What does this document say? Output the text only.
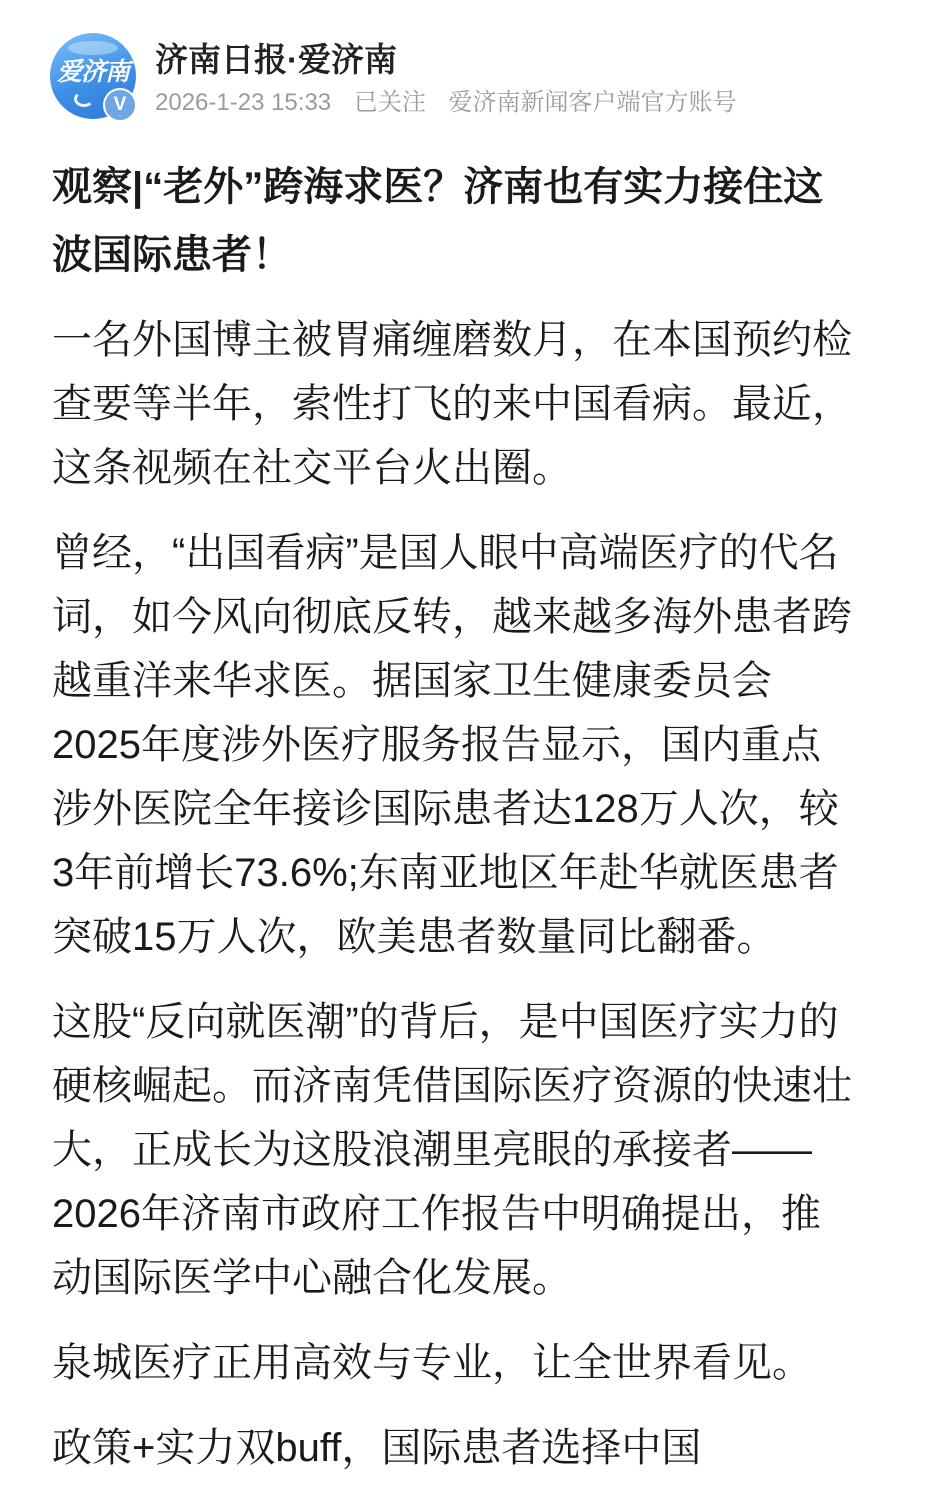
爱济南
V
济南日报·爱济南
2026-1-23 15:33 已关注 爱济南新闻客户端官方账号
观察|“老外”跨海求医？济南也有实力接住这
波国际患者！
一名外国博主被胃痛缠磨数月，在本国预约检
查要等半年，索性打飞的来中国看病。最近，
这条视频在社交平台火出圈。
曾经，“出国看病”是国人眼中高端医疗的代名
词，如今风向彻底反转，越来越多海外患者跨
越重洋来华求医。据国家卫生健康委员会
2025年度涉外医疗服务报告显示，国内重点
涉外医院全年接诊国际患者达128万人次，较
3年前增长73.6%;东南亚地区年赴华就医患者
突破15万人次，欧美患者数量同比翻番。
这股“反向就医潮”的背后，是中国医疗实力的
硬核崛起。而济南凭借国际医疗资源的快速壮
大，正成长为这股浪潮里亮眼的承接者——
2026年济南市政府工作报告中明确提出，推
动国际医学中心融合化发展。
泉城医疗正用高效与专业，让全世界看见。
政策+实力双buff，国际患者选择中国
